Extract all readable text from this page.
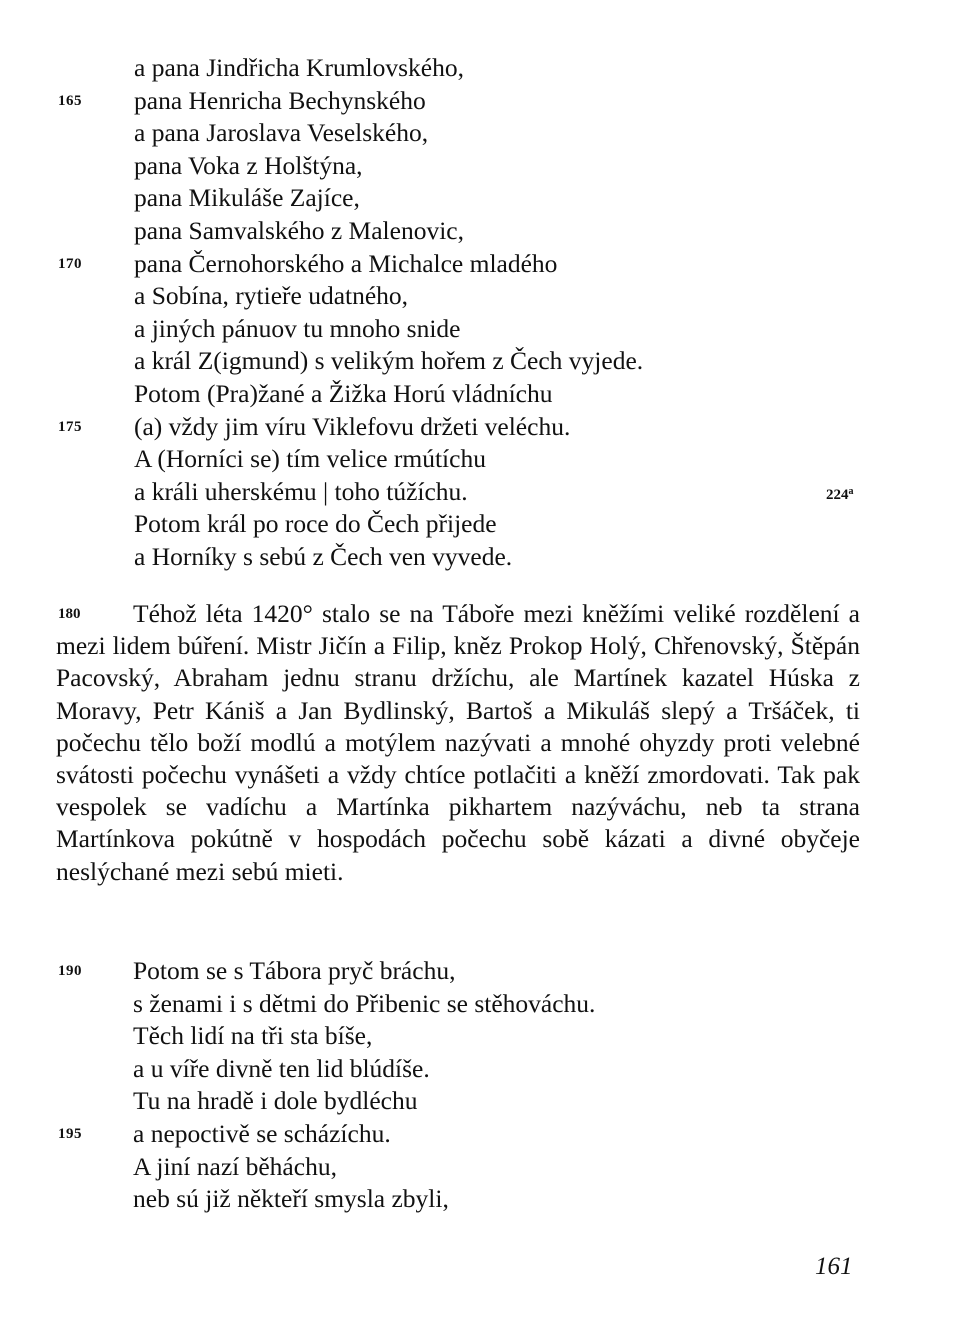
a pana Jindřicha Krumlovského,
165 pana Henricha Bechynského
a pana Jaroslava Veselského,
pana Voka z Holštýna,
pana Mikuláše Zajíce,
pana Samvalského z Malenovic,
170 pana Černohorského a Michalce mladého
a Sobína, rytieře udatného,
a jiných pánuov tu mnoho snide
a král Z(igmund) s velikým hořem z Čech vyjede.
Potom (Pra)žané a Žižka Horú vládníchu
175 (a) vždy jim víru Viklefovu držeti veléchu.
A (Horníci se) tím velice rmútíchu
a králi uherskému | toho túžíchu.	224$^a$
Potom král po roce do Čech přijede
a Horníky s sebú z Čech ven vyvede.
180	Téhož léta 1420° stalo se na Táboře mezi kněžími veliké rozdělení a mezi lidem búření. Mistr Jičín a Filip, kněz Prokop Holý, Chřenovský, Štěpán Pacovský, Abraham jednu stranu držíchu, ale Martínek kazatel Húska z Moravy, Petr Kániš a Jan Bydlinský, Bartoš a Mikuláš slepý a Tršáček, ti počechu tělo boží modlú a motýlem nazývati a mnohé ohyzdy proti velebné svátosti počechu vynášeti a vždy chtíce potlačiti a kněží zmordovati. Tak pak vespolek se vadíchu a Martínka pikhartem nazýváchu, neb ta strana Martínkova pokútně v hospodách počechu sobě kázati a divné obyčeje neslýchané mezi sebú mieti.

190 Potom se s Tábora pryč bráchu,
s ženami i s dětmi do Přibenic se stěhováchu.
Těch lidí na tři sta bíše,
a u víře divně ten lid blúdíše.
Tu na hradě i dole bydléchu
195 a nepoctivě se scházíchu.
A jiní nazí běháchu,
neb sú již někteří smysla zbyli,
161
